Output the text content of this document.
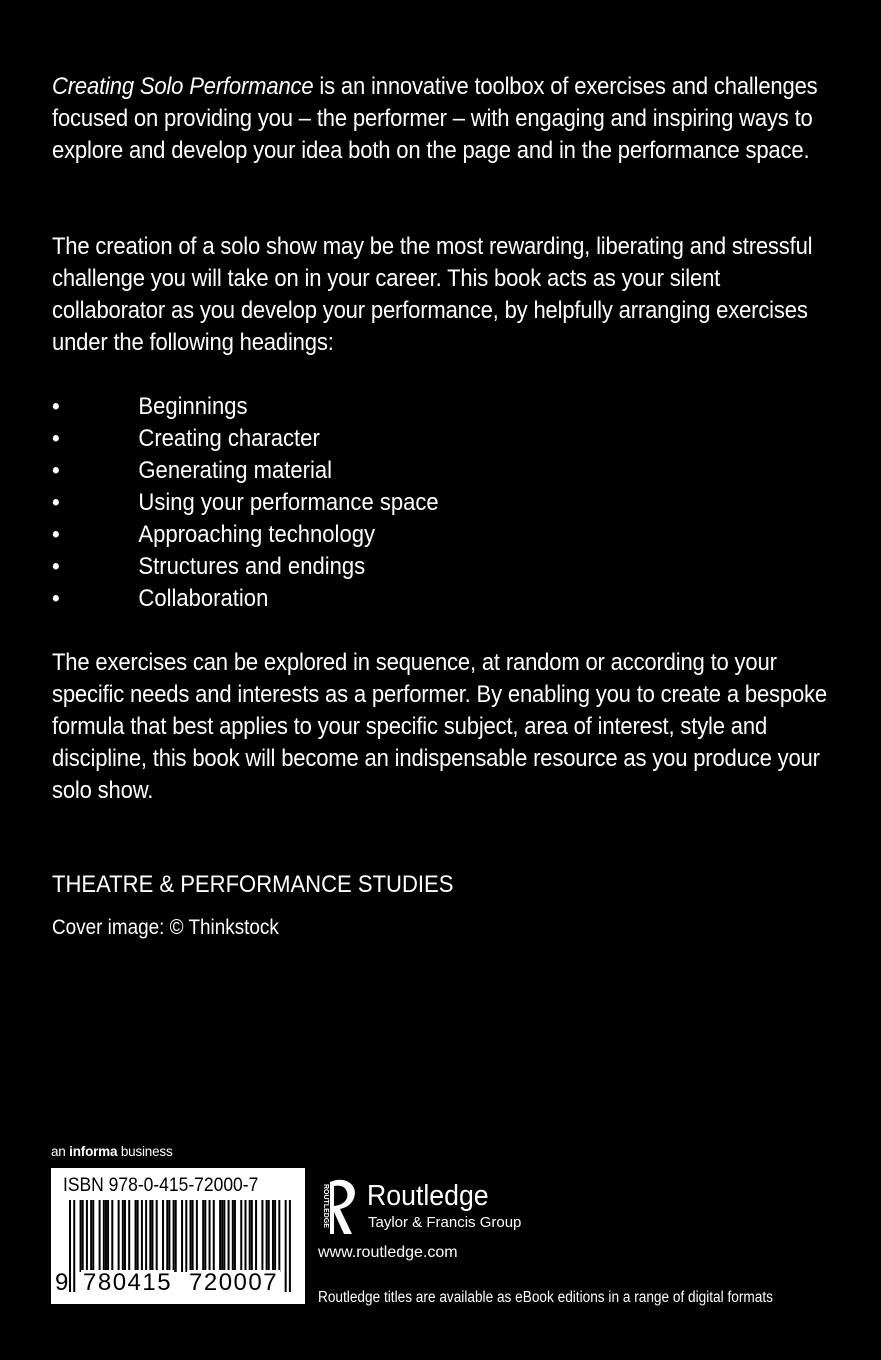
Creating Solo Performance is an innovative toolbox of exercises and challenges focused on providing you – the performer – with engaging and inspiring ways to explore and develop your idea both on the page and in the performance space.
The creation of a solo show may be the most rewarding, liberating and stressful challenge you will take on in your career. This book acts as your silent collaborator as you develop your performance, by helpfully arranging exercises under the following headings:
•	Beginnings
•	Creating character
•	Generating material
•	Using your performance space
•	Approaching technology
•	Structures and endings
•	Collaboration
The exercises can be explored in sequence, at random or according to your specific needs and interests as a performer. By enabling you to create a bespoke formula that best applies to your specific subject, area of interest, style and discipline, this book will become an indispensable resource as you produce your solo show.
THEATRE & PERFORMANCE STUDIES
Cover image: © Thinkstock
an informa business
ISBN 978-0-415-72000-7
9 780415 720007
ROUTLEDGE Routledge
Taylor & Francis Group
www.routledge.com
Routledge titles are available as eBook editions in a range of digital formats
